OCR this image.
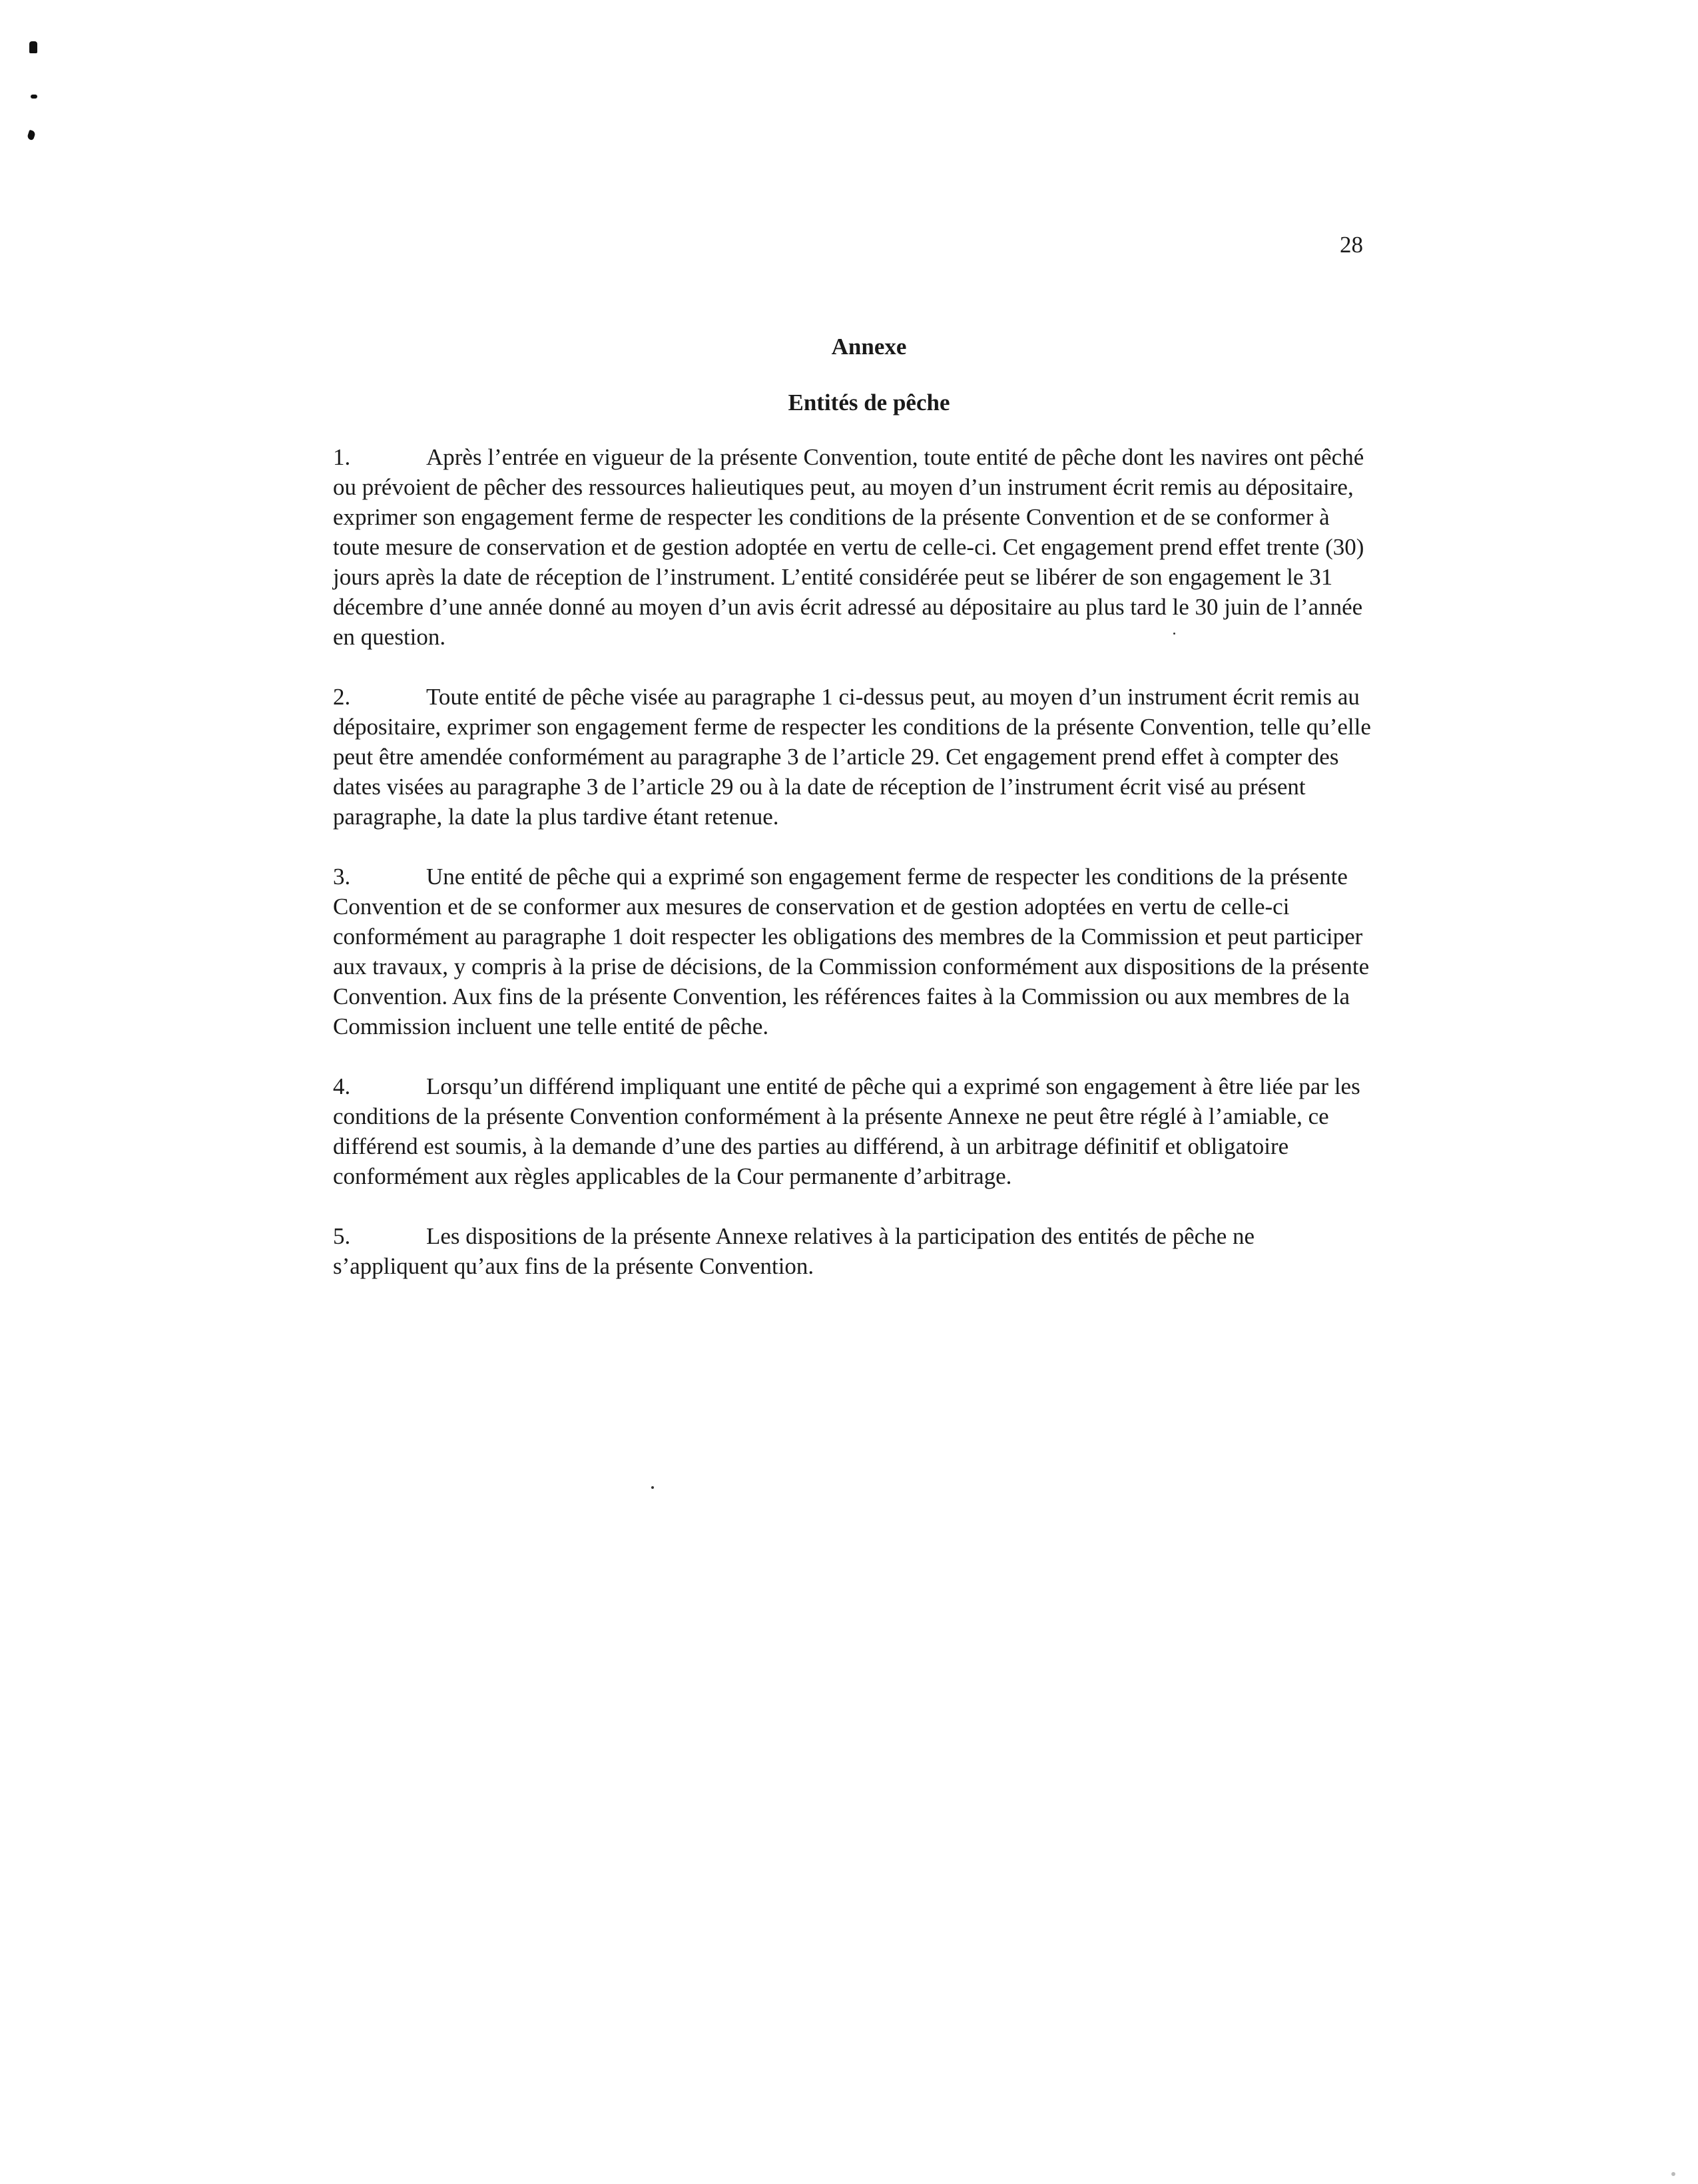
28
Annexe
Entités de pêche

1.	Après l’entrée en vigueur de la présente Convention, toute entité de pêche dont les navires ont pêché ou prévoient de pêcher des ressources halieutiques peut, au moyen d’un instrument écrit remis au dépositaire, exprimer son engagement ferme de respecter les conditions de la présente Convention et de se conformer à toute mesure de conservation et de gestion adoptée en vertu de celle-ci. Cet engagement prend effet trente (30) jours après la date de réception de l’instrument. L’entité considérée peut se libérer de son engagement le 31 décembre d’une année donné au moyen d’un avis écrit adressé au dépositaire au plus tard le 30 juin de l’année en question.

2.	Toute entité de pêche visée au paragraphe 1 ci-dessus peut, au moyen d’un instrument écrit remis au dépositaire, exprimer son engagement ferme de respecter les conditions de la présente Convention, telle qu’elle peut être amendée conformément au paragraphe 3 de l’article 29. Cet engagement prend effet à compter des dates visées au paragraphe 3 de l’article 29 ou à la date de réception de l’instrument écrit visé au présent paragraphe, la date la plus tardive étant retenue.

3.	Une entité de pêche qui a exprimé son engagement ferme de respecter les conditions de la présente Convention et de se conformer aux mesures de conservation et de gestion adoptées en vertu de celle-ci conformément au paragraphe 1 doit respecter les obligations des membres de la Commission et peut participer aux travaux, y compris à la prise de décisions, de la Commission conformément aux dispositions de la présente Convention. Aux fins de la présente Convention, les références faites à la Commission ou aux membres de la Commission incluent une telle entité de pêche.

4.	Lorsqu’un différend impliquant une entité de pêche qui a exprimé son engagement à être liée par les conditions de la présente Convention conformément à la présente Annexe ne peut être réglé à l’amiable, ce différend est soumis, à la demande d’une des parties au différend, à un arbitrage définitif et obligatoire conformément aux règles applicables de la Cour permanente d’arbitrage.

5.	Les dispositions de la présente Annexe relatives à la participation des entités de pêche ne s’appliquent qu’aux fins de la présente Convention.
